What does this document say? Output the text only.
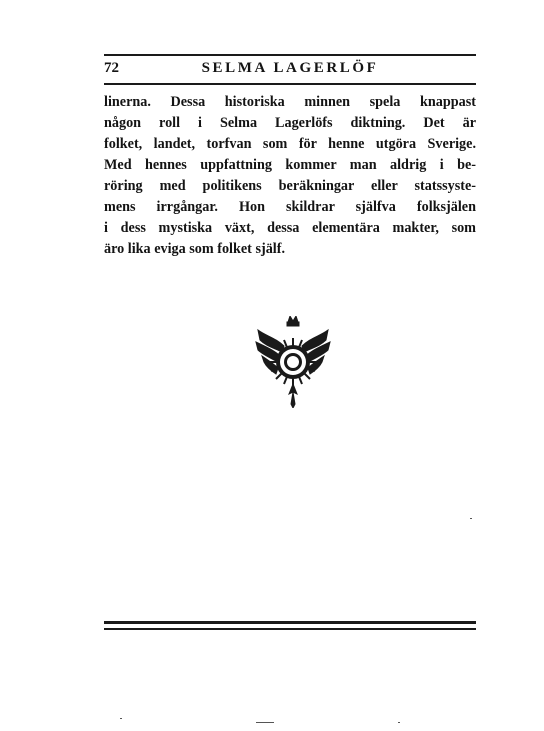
72	SELMA LAGERLÖF
linerna. Dessa historiska minnen spela knappast
någon roll i Selma Lagerlöfs diktning. Det är
folket, landet, torfvan som för henne utgöra Sverige.
Med hennes uppfattning kommer man aldrig i be-
röring med politikens beräkningar eller statssyste-
mens irrgångar. Hon skildrar själfva folksjälen
i dess mystiska växt, dessa elementära makter, som
äro lika eviga som folket själf.
